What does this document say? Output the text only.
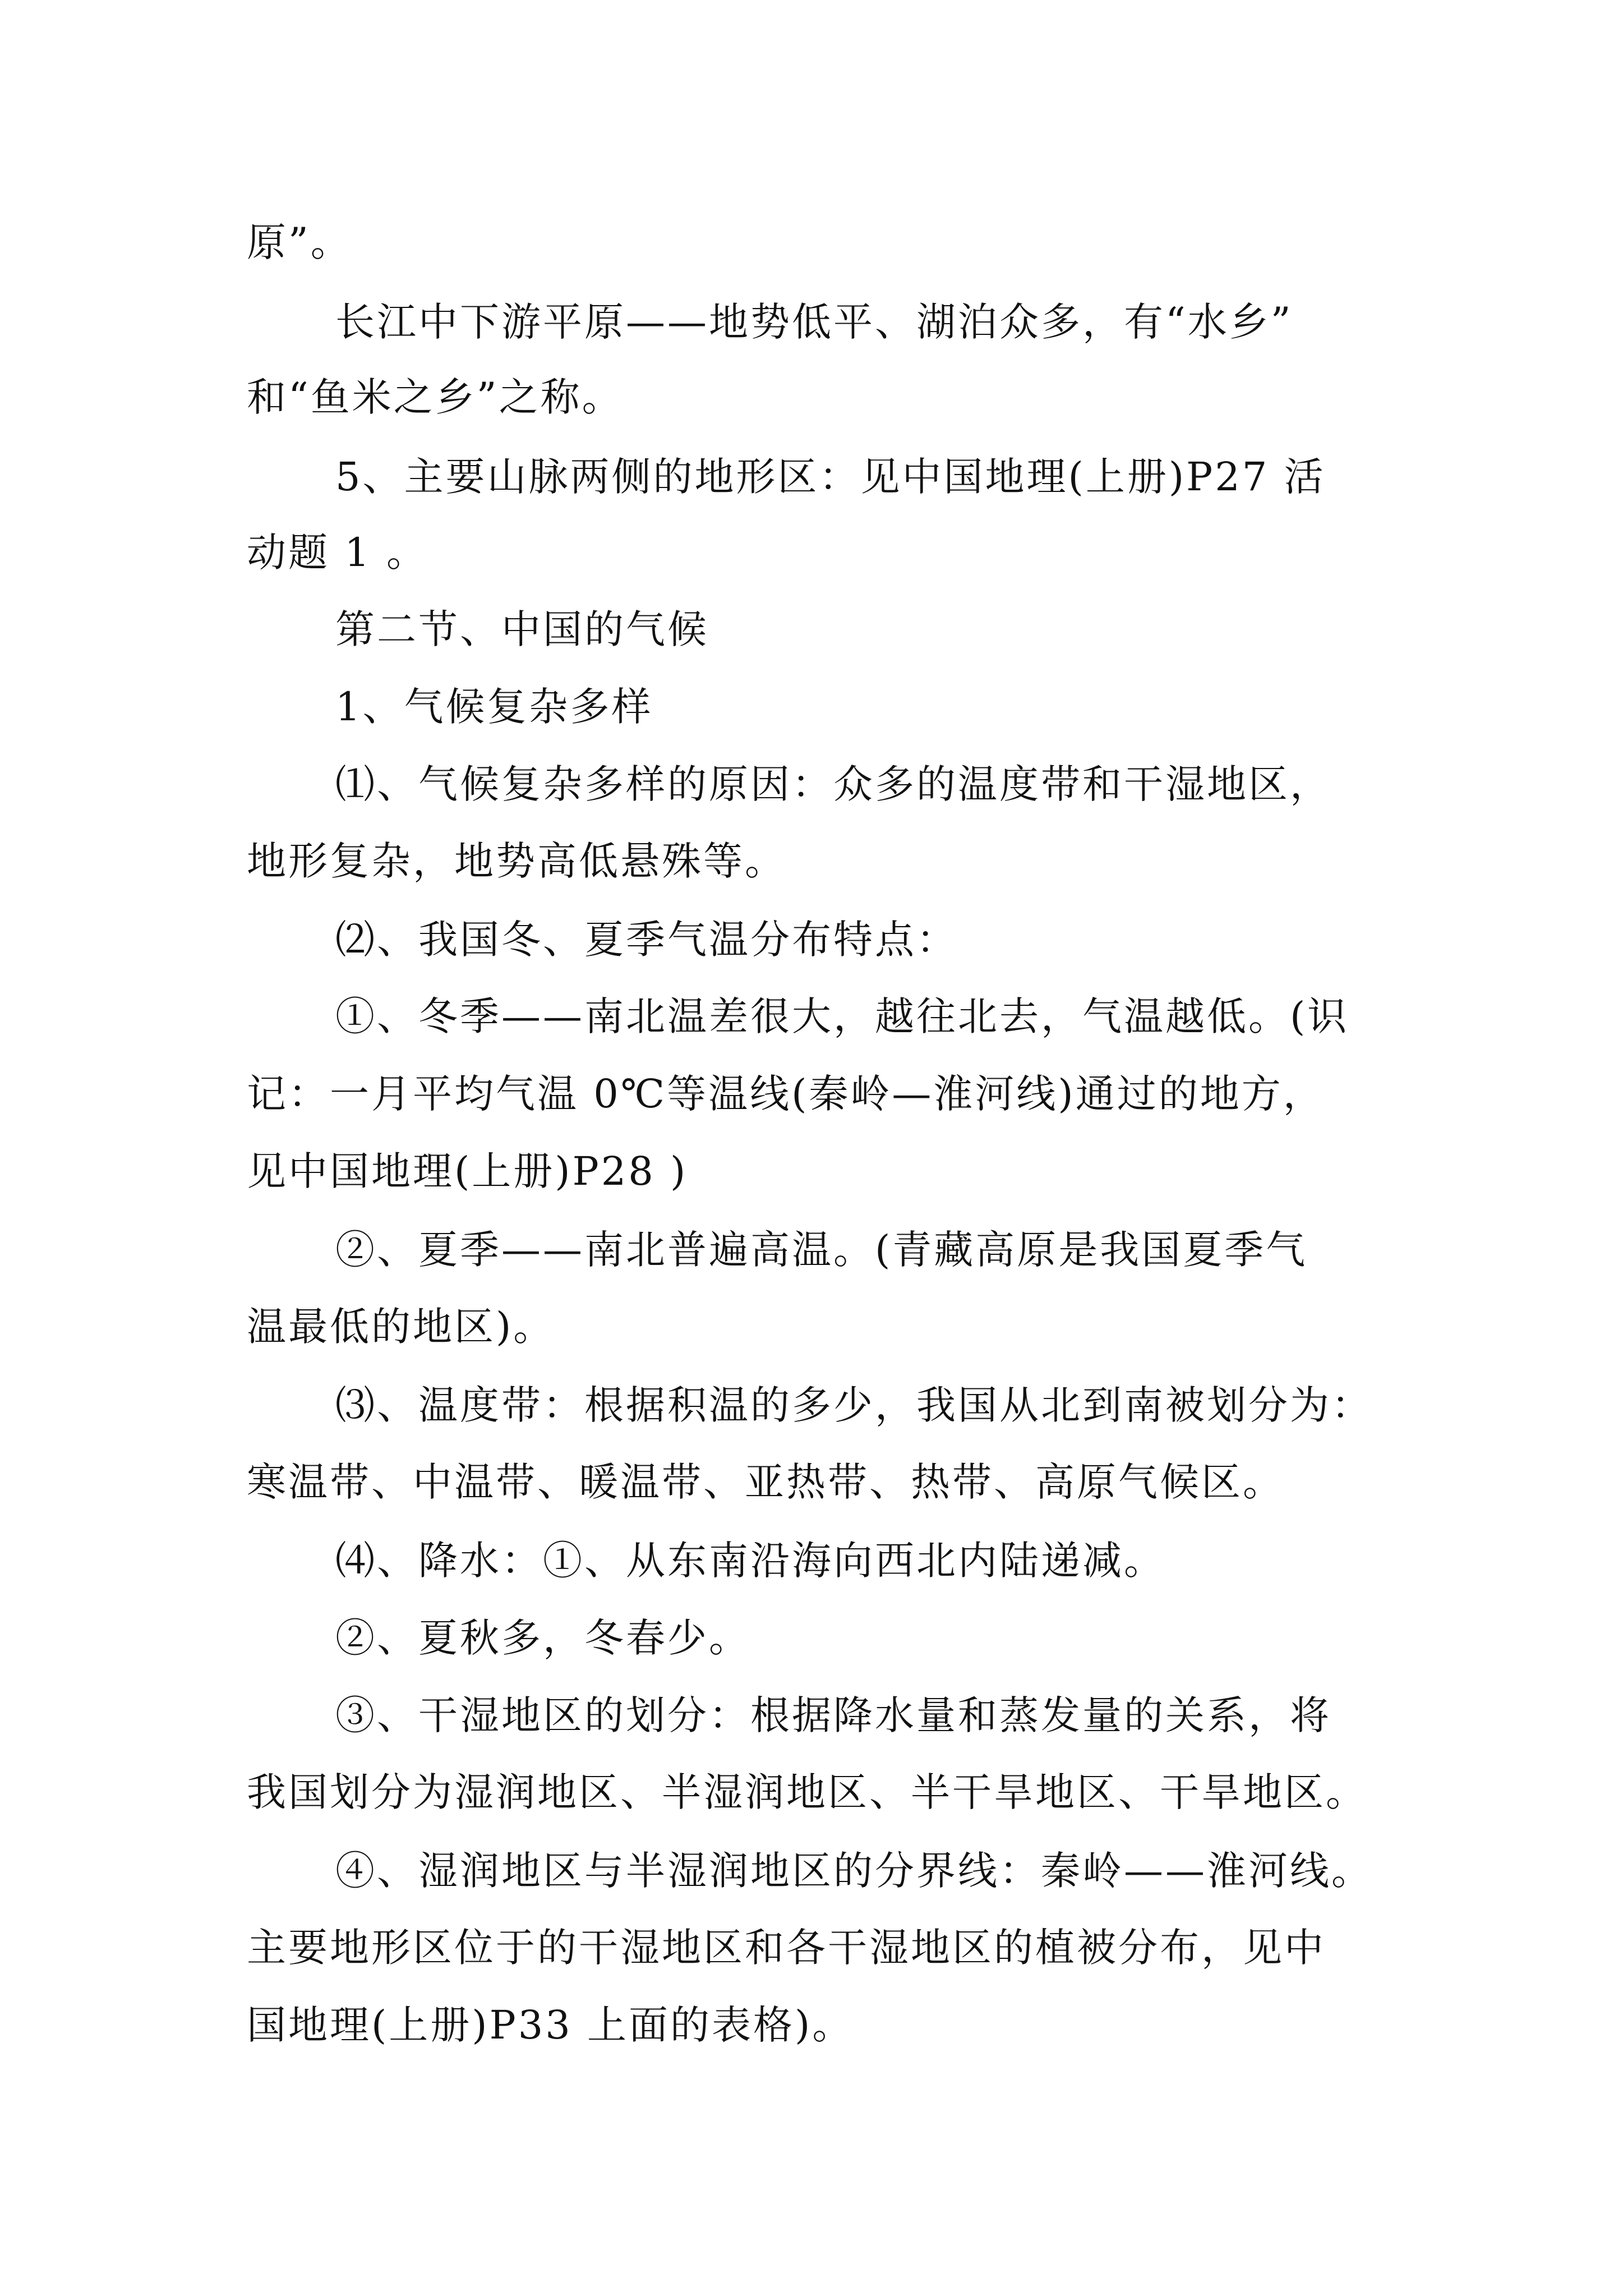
原”。
长江中下游平原——地势低平、湖泊众多，有“水乡”
和“鱼米之乡”之称。
5、主要山脉两侧的地形区：见中国地理(上册)P27 活
动题 1 。
第二节、中国的气候
1、气候复杂多样
⑴、气候复杂多样的原因：众多的温度带和干湿地区，
地形复杂，地势高低悬殊等。
⑵、我国冬、夏季气温分布特点：
①、冬季——南北温差很大，越往北去，气温越低。(识
记：一月平均气温 0℃等温线(秦岭—淮河线)通过的地方，
见中国地理(上册)P28 )
②、夏季——南北普遍高温。(青藏高原是我国夏季气
温最低的地区)。
⑶、温度带：根据积温的多少，我国从北到南被划分为：
寒温带、中温带、暖温带、亚热带、热带、高原气候区。
⑷、降水：①、从东南沿海向西北内陆递减。
②、夏秋多，冬春少。
③、干湿地区的划分：根据降水量和蒸发量的关系，将
我国划分为湿润地区、半湿润地区、半干旱地区、干旱地区。
④、湿润地区与半湿润地区的分界线：秦岭——淮河线。
主要地形区位于的干湿地区和各干湿地区的植被分布，见中
国地理(上册)P33 上面的表格)。
